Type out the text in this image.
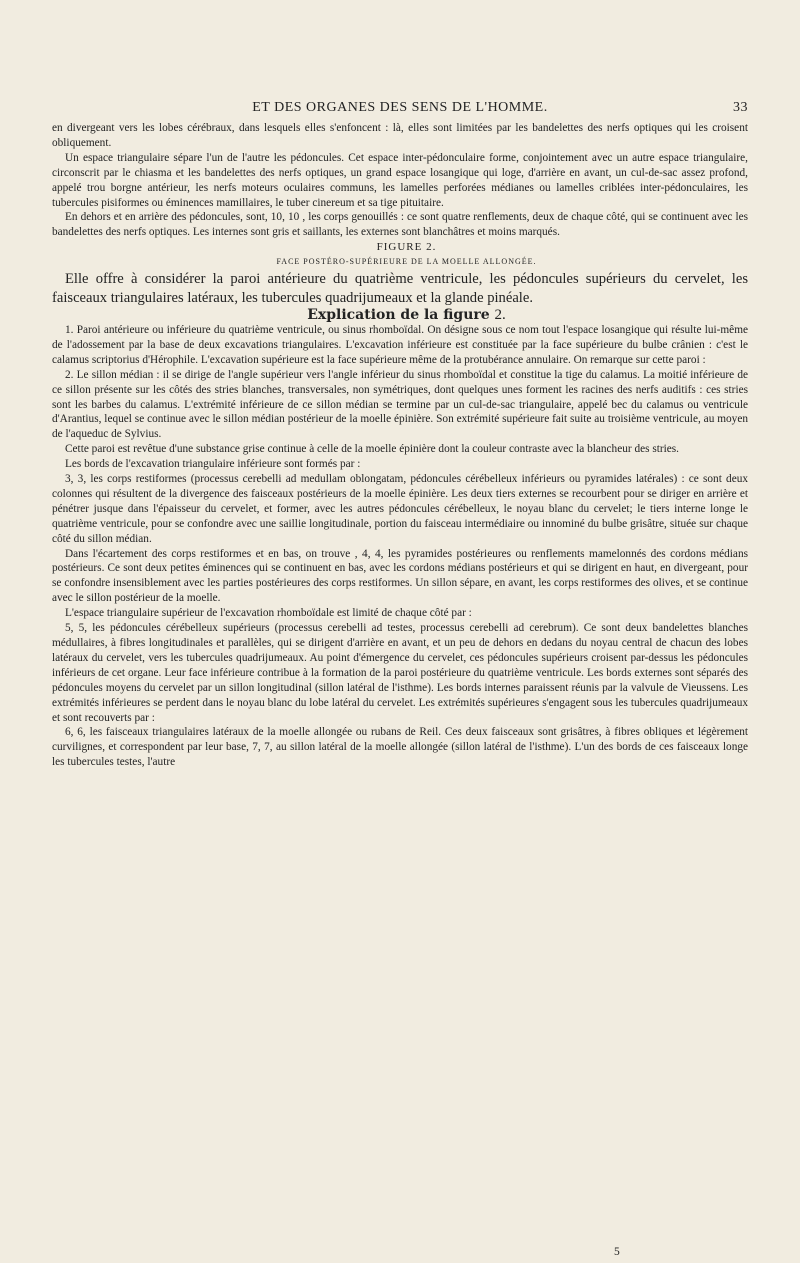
ET DES ORGANES DES SENS DE L'HOMME.	33

en divergeant vers les lobes cérébraux, dans lesquels elles s'enfoncent : là, elles sont limitées par les bandelettes des nerfs optiques qui les croisent obliquement.

Un espace triangulaire sépare l'un de l'autre les pédoncules. Cet espace inter-pédonculaire forme, conjointement avec un autre espace triangulaire, circonscrit par le chiasma et les bandelettes des nerfs optiques, un grand espace losangique qui loge, d'arrière en avant, un cul-de-sac assez profond, appelé trou borgne antérieur, les nerfs moteurs oculaires communs, les lamelles perforées médianes ou lamelles criblées inter-pédonculaires, les tubercules pisiformes ou éminences mamillaires, le tuber cinereum et sa tige pituitaire.

En dehors et en arrière des pédoncules, sont, 10, 10 , les corps genouillés : ce sont quatre renflements, deux de chaque côté, qui se continuent avec les bandelettes des nerfs optiques. Les internes sont gris et saillants, les externes sont blanchâtres et moins marqués.

FIGURE 2.

FACE POSTÉRO-SUPÉRIEURE DE LA MOELLE ALLONGÉE.

Elle offre à considérer la paroi antérieure du quatrième ventricule, les pédoncules supérieurs du cervelet, les faisceaux triangulaires latéraux, les tubercules quadrijumeaux et la glande pinéale.

Explication de la figure 2.

1. Paroi antérieure ou inférieure du quatrième ventricule, ou sinus rhomboïdal. On désigne sous ce nom tout l'espace losangique qui résulte lui-même de l'adossement par la base de deux excavations triangulaires. L'excavation inférieure est constituée par la face supérieure du bulbe crânien : c'est le calamus scriptorius d'Hérophile. L'excavation supérieure est la face supérieure même de la protubérance annulaire. On remarque sur cette paroi :

2. Le sillon médian : il se dirige de l'angle supérieur vers l'angle inférieur du sinus rhomboïdal et constitue la tige du calamus. La moitié inférieure de ce sillon présente sur les côtés des stries blanches, transversales, non symétriques, dont quelques unes forment les racines des nerfs auditifs : ces stries sont les barbes du calamus. L'extrémité inférieure de ce sillon médian se termine par un cul-de-sac triangulaire, appelé bec du calamus ou ventricule d'Arantius, lequel se continue avec le sillon médian postérieur de la moelle épinière. Son extrémité supérieure fait suite au troisième ventricule, au moyen de l'aqueduc de Sylvius.

Cette paroi est revêtue d'une substance grise continue à celle de la moelle épinière dont la couleur contraste avec la blancheur des stries.

Les bords de l'excavation triangulaire inférieure sont formés par :

3, 3, les corps restiformes (processus cerebelli ad medullam oblongatam, pédoncules cérébelleux inférieurs ou pyramides latérales) : ce sont deux colonnes qui résultent de la divergence des faisceaux postérieurs de la moelle épinière. Les deux tiers externes se recourbent pour se diriger en arrière et pénétrer jusque dans l'épaisseur du cervelet, et former, avec les autres pédoncules cérébelleux, le noyau blanc du cervelet; le tiers interne longe le quatrième ventricule, pour se confondre avec une saillie longitudinale, portion du faisceau intermédiaire ou innominé du bulbe grisâtre, située sur chaque côté du sillon médian.

Dans l'écartement des corps restiformes et en bas, on trouve , 4, 4, les pyramides postérieures ou renflements mamelonnés des cordons médians postérieurs. Ce sont deux petites éminences qui se continuent en bas, avec les cordons médians postérieurs et qui se dirigent en haut, en divergeant, pour se confondre insensiblement avec les parties postérieures des corps restiformes. Un sillon sépare, en avant, les corps restiformes des olives, et se continue avec le sillon postérieur de la moelle.

L'espace triangulaire supérieur de l'excavation rhomboïdale est limité de chaque côté par :

5, 5, les pédoncules cérébelleux supérieurs (processus cerebelli ad testes, processus cerebelli ad cerebrum). Ce sont deux bandelettes blanches médullaires, à fibres longitudinales et parallèles, qui se dirigent d'arrière en avant, et un peu de dehors en dedans du noyau central de chacun des lobes latéraux du cervelet, vers les tubercules quadrijumeaux. Au point d'émergence du cervelet, ces pédoncules supérieurs croisent par-dessus les pédoncules inférieurs de cet organe. Leur face inférieure contribue à la formation de la paroi postérieure du quatrième ventricule. Les bords externes sont séparés des pédoncules moyens du cervelet par un sillon longitudinal (sillon latéral de l'isthme). Les bords internes paraissent réunis par la valvule de Vieussens. Les extrémités inférieures se perdent dans le noyau blanc du lobe latéral du cervelet. Les extrémités supérieures s'engagent sous les tubercules quadrijumeaux et sont recouverts par :

6, 6, les faisceaux triangulaires latéraux de la moelle allongée ou rubans de Reil. Ces deux faisceaux sont grisâtres, à fibres obliques et légèrement curvilignes, et correspondent par leur base, 7, 7, au sillon latéral de la moelle allongée (sillon latéral de l'isthme). L'un des bords de ces faisceaux longe les tubercules testes, l'autre

5
